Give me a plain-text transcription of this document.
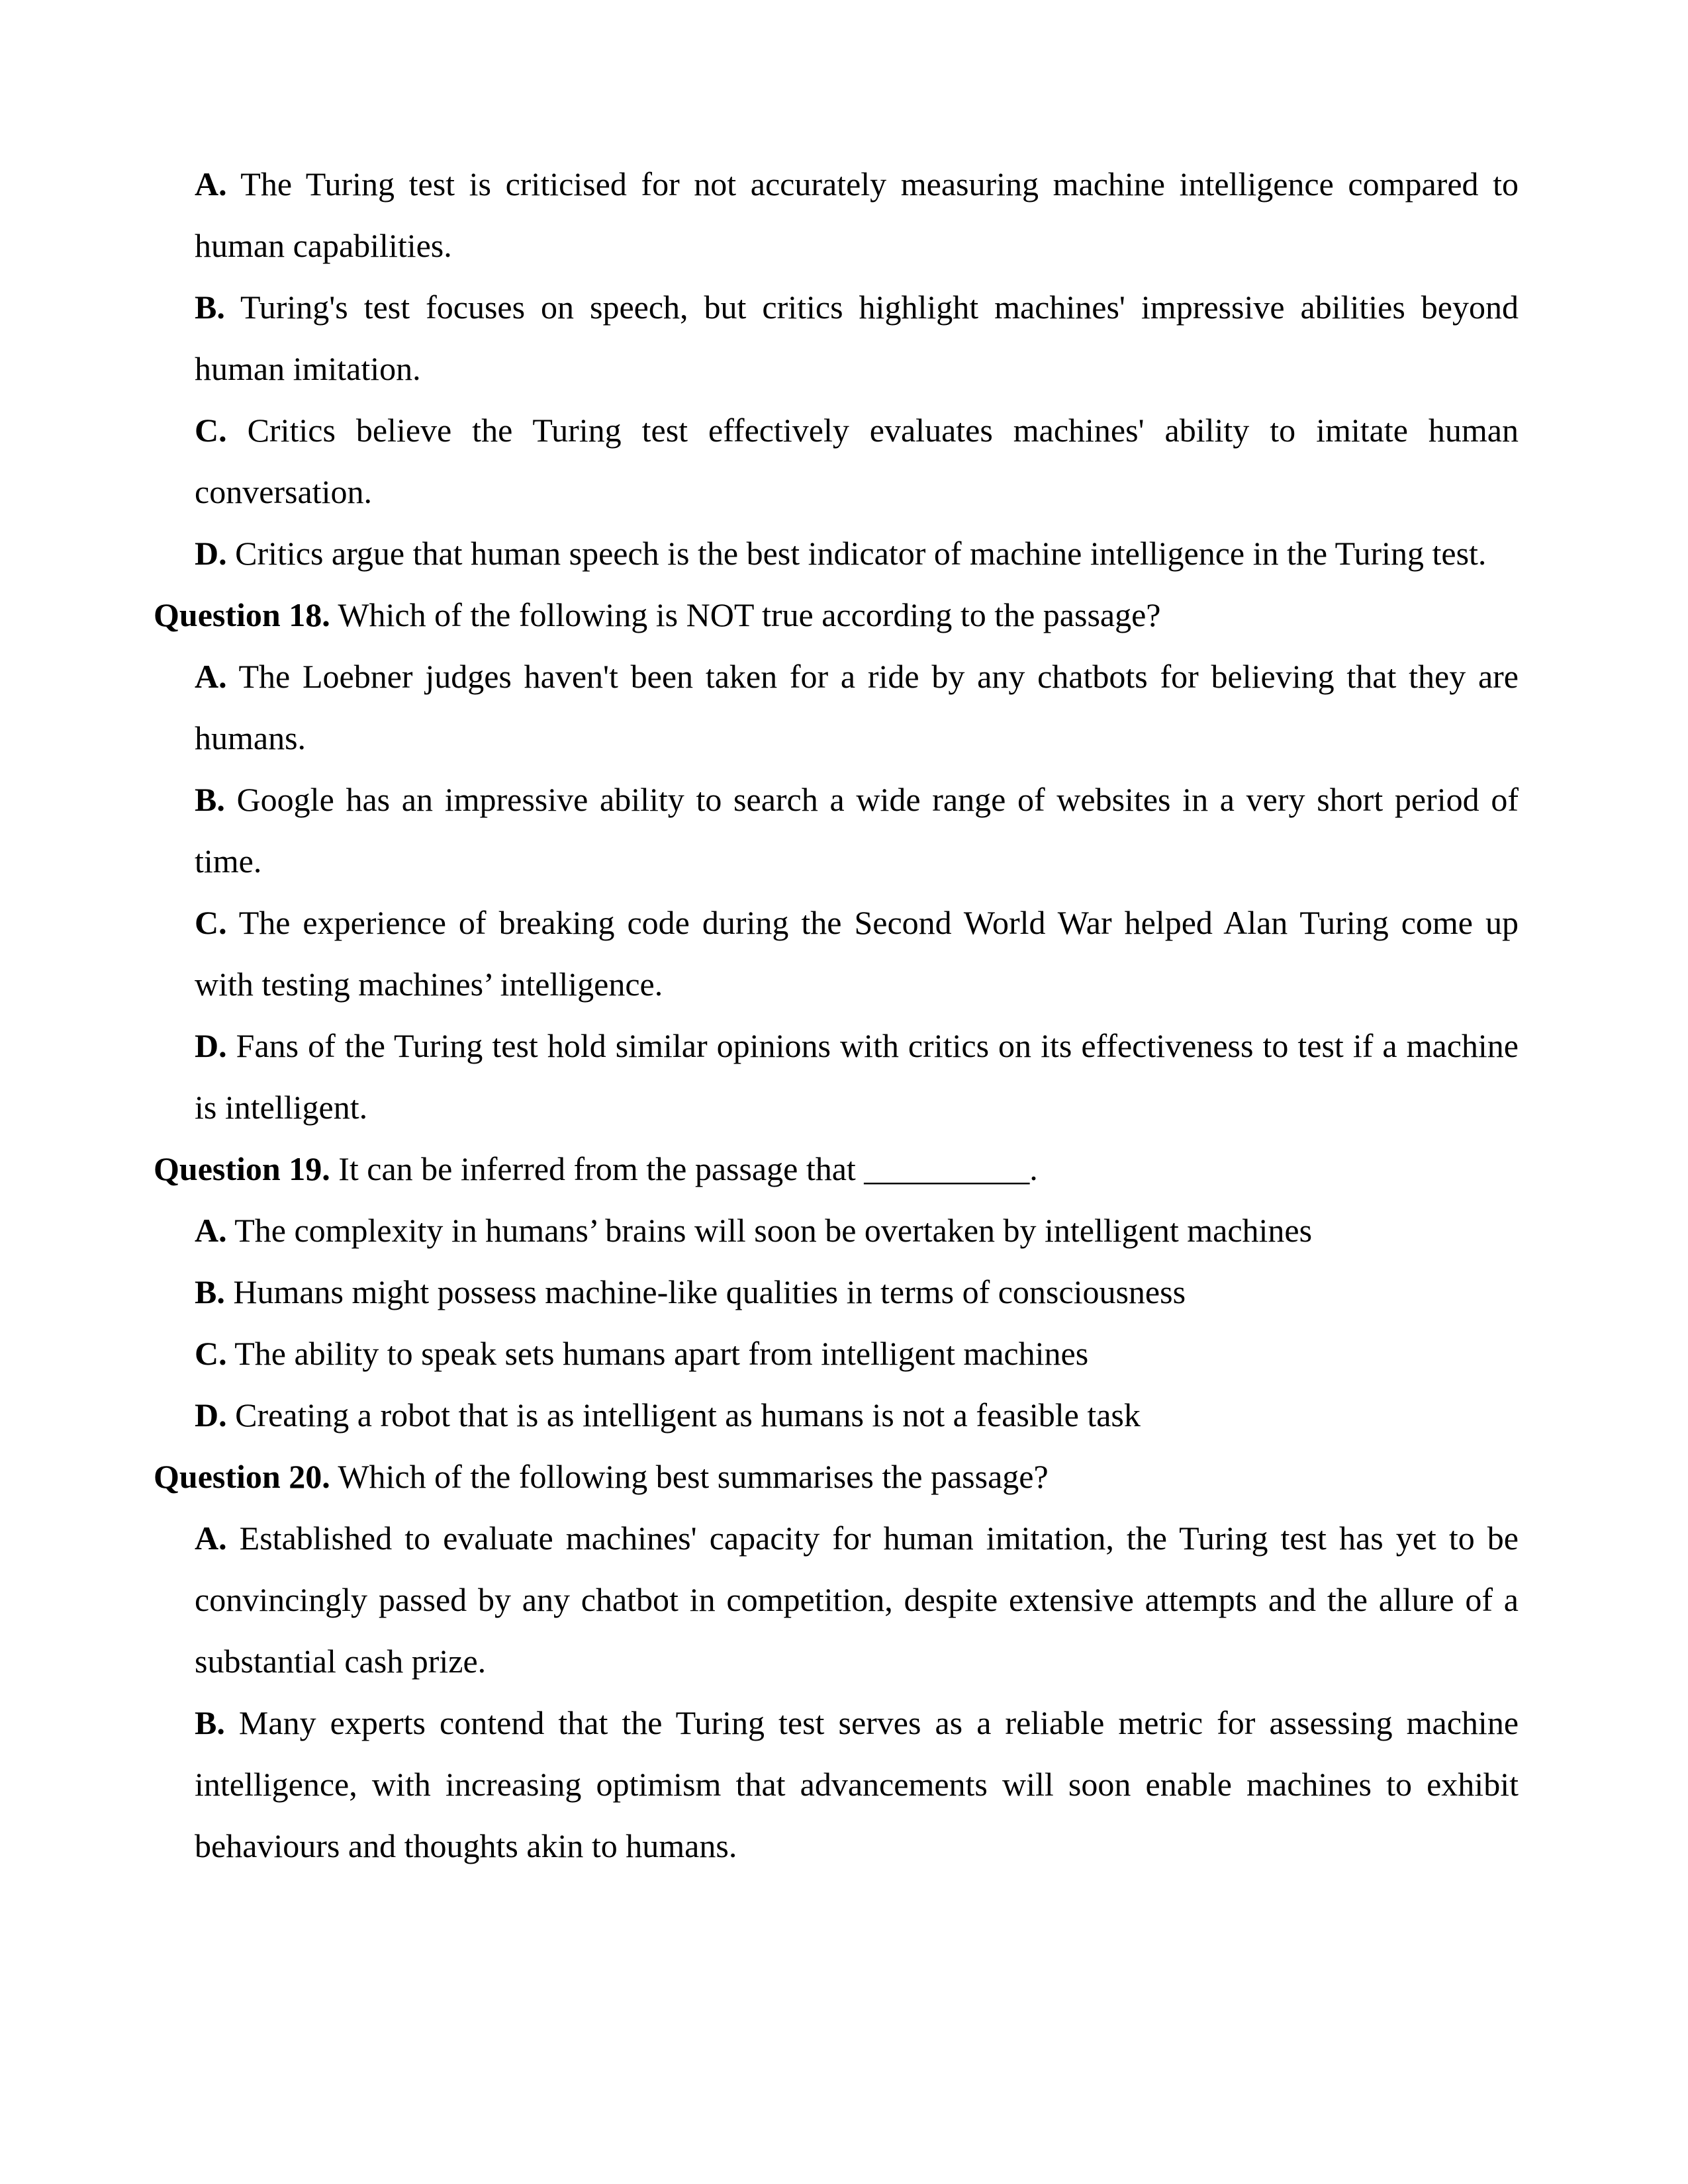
A. The Turing test is criticised for not accurately measuring machine intelligence compared to human capabilities.

B. Turing's test focuses on speech, but critics highlight machines' impressive abilities beyond human imitation.

C. Critics believe the Turing test effectively evaluates machines' ability to imitate human conversation.

D. Critics argue that human speech is the best indicator of machine intelligence in the Turing test.

Question 18. Which of the following is NOT true according to the passage?

A. The Loebner judges haven't been taken for a ride by any chatbots for believing that they are humans.

B. Google has an impressive ability to search a wide range of websites in a very short period of time.

C. The experience of breaking code during the Second World War helped Alan Turing come up with testing machines’ intelligence.

D. Fans of the Turing test hold similar opinions with critics on its effectiveness to test if a machine is intelligent.

Question 19. It can be inferred from the passage that __________.

A. The complexity in humans’ brains will soon be overtaken by intelligent machines

B. Humans might possess machine-like qualities in terms of consciousness

C. The ability to speak sets humans apart from intelligent machines

D. Creating a robot that is as intelligent as humans is not a feasible task

Question 20. Which of the following best summarises the passage?

A. Established to evaluate machines' capacity for human imitation, the Turing test has yet to be convincingly passed by any chatbot in competition, despite extensive attempts and the allure of a substantial cash prize.

B. Many experts contend that the Turing test serves as a reliable metric for assessing machine intelligence, with increasing optimism that advancements will soon enable machines to exhibit behaviours and thoughts akin to humans.
